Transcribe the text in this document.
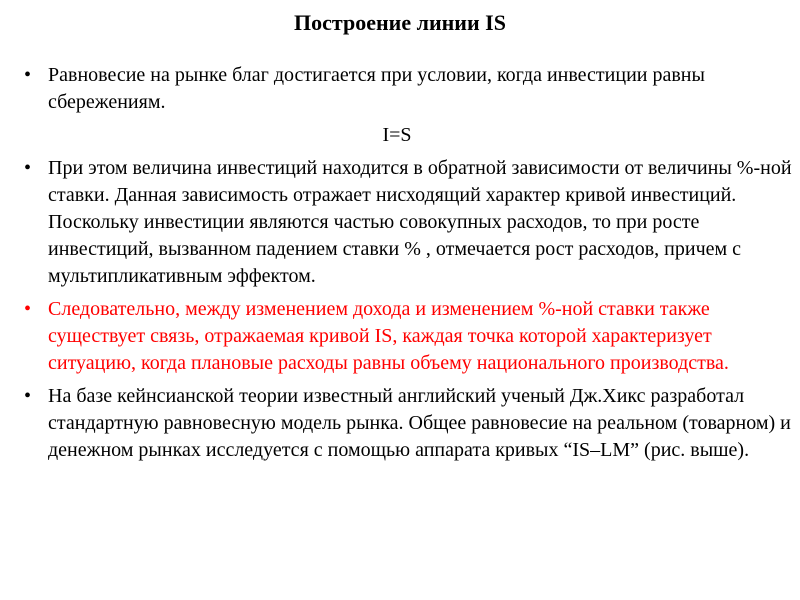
Построение линии IS
• Равновесие на рынке благ достигается при условии, когда инвестиции равны сбережениям.
I=S
• При этом величина инвестиций находится в обратной зависимости от величины %-ной ставки. Данная зависимость отражает нисходящий характер кривой инвестиций. Поскольку инвестиции являются частью совокупных расходов, то при росте инвестиций, вызванном падением ставки % , отмечается рост расходов, причем с мультипликативным эффектом.
• Следовательно, между изменением дохода и изменением %-ной ставки также существует связь, отражаемая кривой IS, каждая точка которой характеризует ситуацию, когда плановые расходы равны объему национального производства.
• На базе кейнсианской теории известный английский ученый Дж.Хикс разработал стандартную равновесную модель рынка. Общее равновесие на реальном (товарном) и денежном рынках исследуется с помощью аппарата кривых “IS–LM” (рис. выше).
